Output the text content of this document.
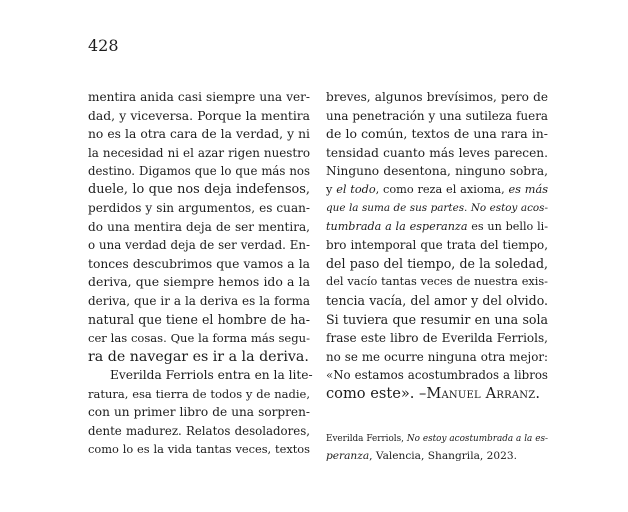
428
mentira anida casi siempre una ver-
dad, y viceversa. Porque la mentira
no es la otra cara de la verdad, y ni
la necesidad ni el azar rigen nuestro
destino. Digamos que lo que más nos
duele, lo que nos deja indefensos,
perdidos y sin argumentos, es cuan-
do una mentira deja de ser mentira,
o una verdad deja de ser verdad. En-
tonces descubrimos que vamos a la
deriva, que siempre hemos ido a la
deriva, que ir a la deriva es la forma
natural que tiene el hombre de ha-
cer las cosas. Que la forma más segu-
ra de navegar es ir a la deriva.
Everilda Ferriols entra en la lite-
ratura, esa tierra de todos y de nadie,
con un primer libro de una sorpren-
dente madurez. Relatos desoladores,
como lo es la vida tantas veces, textos
breves, algunos brevísimos, pero de
una penetración y una sutileza fuera
de lo común, textos de una rara in-
tensidad cuanto más leves parecen.
Ninguno desentona, ninguno sobra,
y el todo, como reza el axioma, es más
que la suma de sus partes. No estoy acos-
tumbrada a la esperanza es un bello li-
bro intemporal que trata del tiempo,
del paso del tiempo, de la soledad,
del vacío tantas veces de nuestra exis-
tencia vacía, del amor y del olvido.
Si tuviera que resumir en una sola
frase este libro de Everilda Ferriols,
no se me ocurre ninguna otra mejor:
«No estamos acostumbrados a libros
como este». –Manuel Arranz.
Everilda Ferriols, No estoy acostumbrada a la es-
peranza, Valencia, Shangrila, 2023.
